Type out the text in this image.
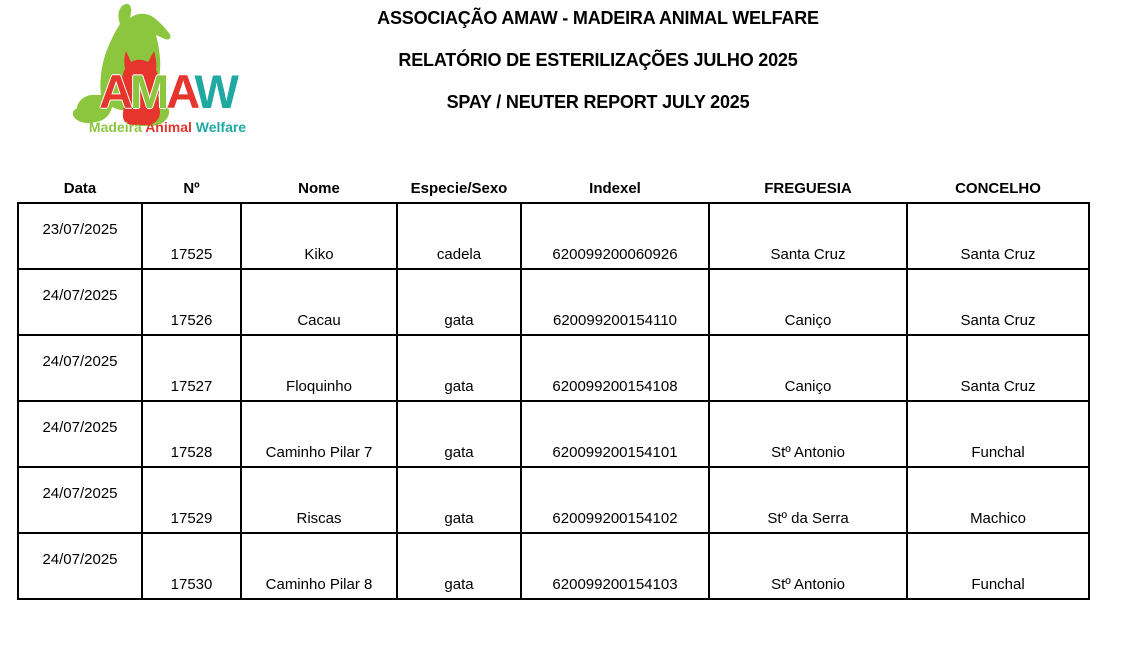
AMAW
Madeira Animal Welfare
ASSOCIAÇÃO AMAW - MADEIRA ANIMAL WELFARE
RELATÓRIO DE ESTERILIZAÇÕES JULHO 2025
SPAY / NEUTER REPORT JULY 2025
Data	Nº	Nome	Especie/Sexo	Indexel	FREGUESIA	CONCELHO
23/07/2025	17525	Kiko	cadela	620099200060926	Santa Cruz	Santa Cruz
24/07/2025	17526	Cacau	gata	620099200154110	Caniço	Santa Cruz
24/07/2025	17527	Floquinho	gata	620099200154108	Caniço	Santa Cruz
24/07/2025	17528	Caminho Pilar 7	gata	620099200154101	Stº Antonio	Funchal
24/07/2025	17529	Riscas	gata	620099200154102	Stº da Serra	Machico
24/07/2025	17530	Caminho Pilar 8	gata	620099200154103	Stº Antonio	Funchal
